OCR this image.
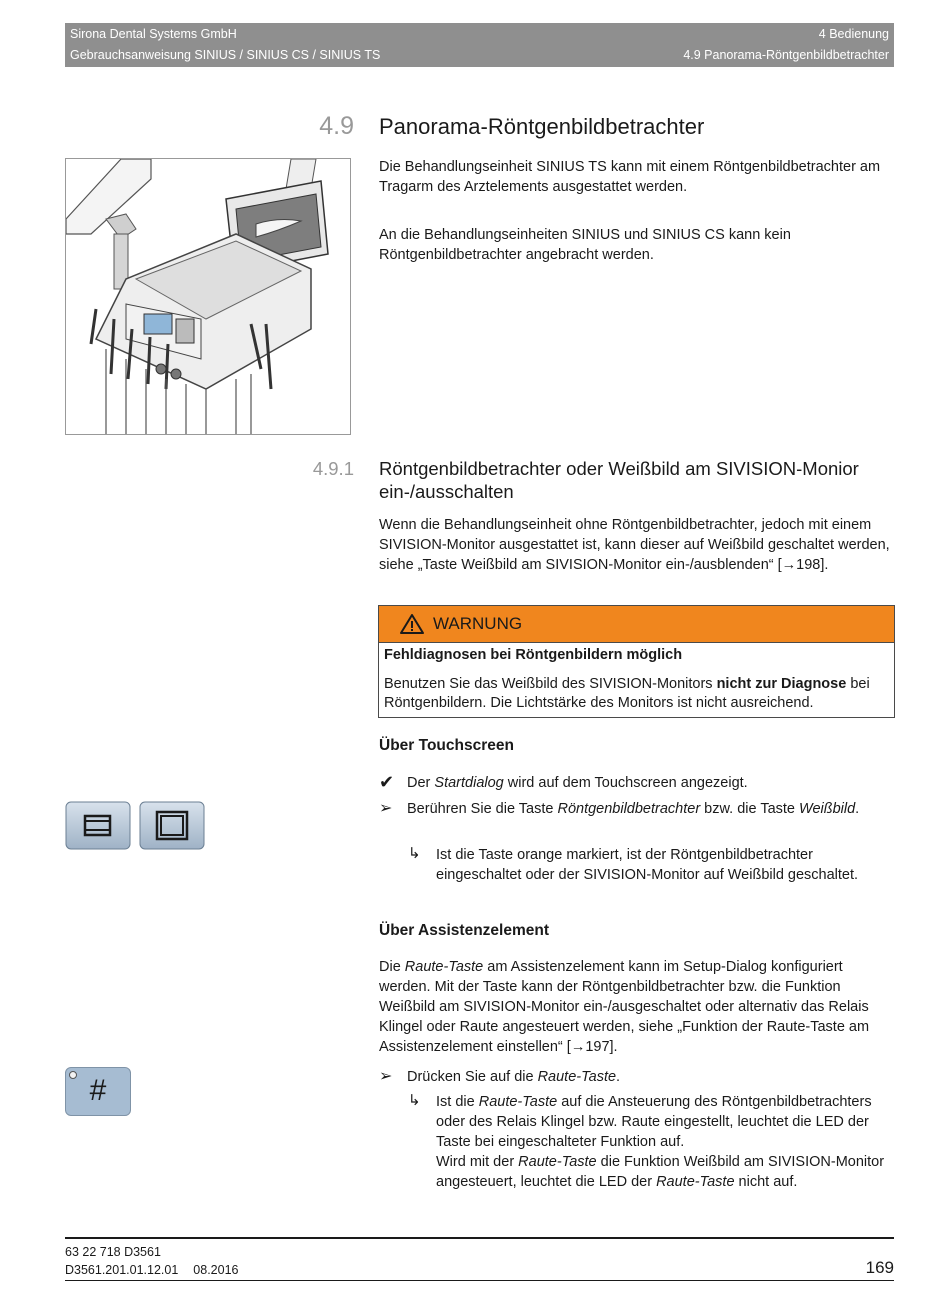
Sirona Dental Systems GmbH	4 Bedienung
Gebrauchsanweisung SINIUS / SINIUS CS / SINIUS TS	4.9 Panorama-Röntgenbildbetrachter
4.9 Panorama-Röntgenbildbetrachter
Die Behandlungseinheit SINIUS TS kann mit einem Röntgenbildbetrachter am Tragarm des Arztelements ausgestattet werden.
An die Behandlungseinheiten SINIUS und SINIUS CS kann kein Röntgenbildbetrachter angebracht werden.
4.9.1 Röntgenbildbetrachter oder Weißbild am SIVISION-Monior ein-/ausschalten
Wenn die Behandlungseinheit ohne Röntgenbildbetrachter, jedoch mit einem SIVISION-Monitor ausgestattet ist, kann dieser auf Weißbild geschaltet werden, siehe „Taste Weißbild am SIVISION-Monitor ein-/ausblenden“ [→198].
WARNUNG
Fehldiagnosen bei Röntgenbildern möglich
Benutzen Sie das Weißbild des SIVISION-Monitors nicht zur Diagnose bei Röntgenbildern. Die Lichtstärke des Monitors ist nicht ausreichend.
Über Touchscreen
✔ Der Startdialog wird auf dem Touchscreen angezeigt.
➢ Berühren Sie die Taste Röntgenbildbetrachter bzw. die Taste Weißbild.
↳ Ist die Taste orange markiert, ist der Röntgenbildbetrachter eingeschaltet oder der SIVISION-Monitor auf Weißbild geschaltet.
Über Assistenzelement
Die Raute-Taste am Assistenzelement kann im Setup-Dialog konfiguriert werden. Mit der Taste kann der Röntgenbildbetrachter bzw. die Funktion Weißbild am SIVISION-Monitor ein-/ausgeschaltet oder alternativ das Relais Klingel oder Raute angesteuert werden, siehe „Funktion der Raute-Taste am Assistenzelement einstellen“ [→197].
➢ Drücken Sie auf die Raute-Taste.
↳ Ist die Raute-Taste auf die Ansteuerung des Röntgenbildbetrachters oder des Relais Klingel bzw. Raute eingestellt, leuchtet die LED der Taste bei eingeschalteter Funktion auf.
Wird mit der Raute-Taste die Funktion Weißbild am SIVISION-Monitor angesteuert, leuchtet die LED der Raute-Taste nicht auf.
#
63 22 718 D3561
D3561.201.01.12.01 08.2016	169
